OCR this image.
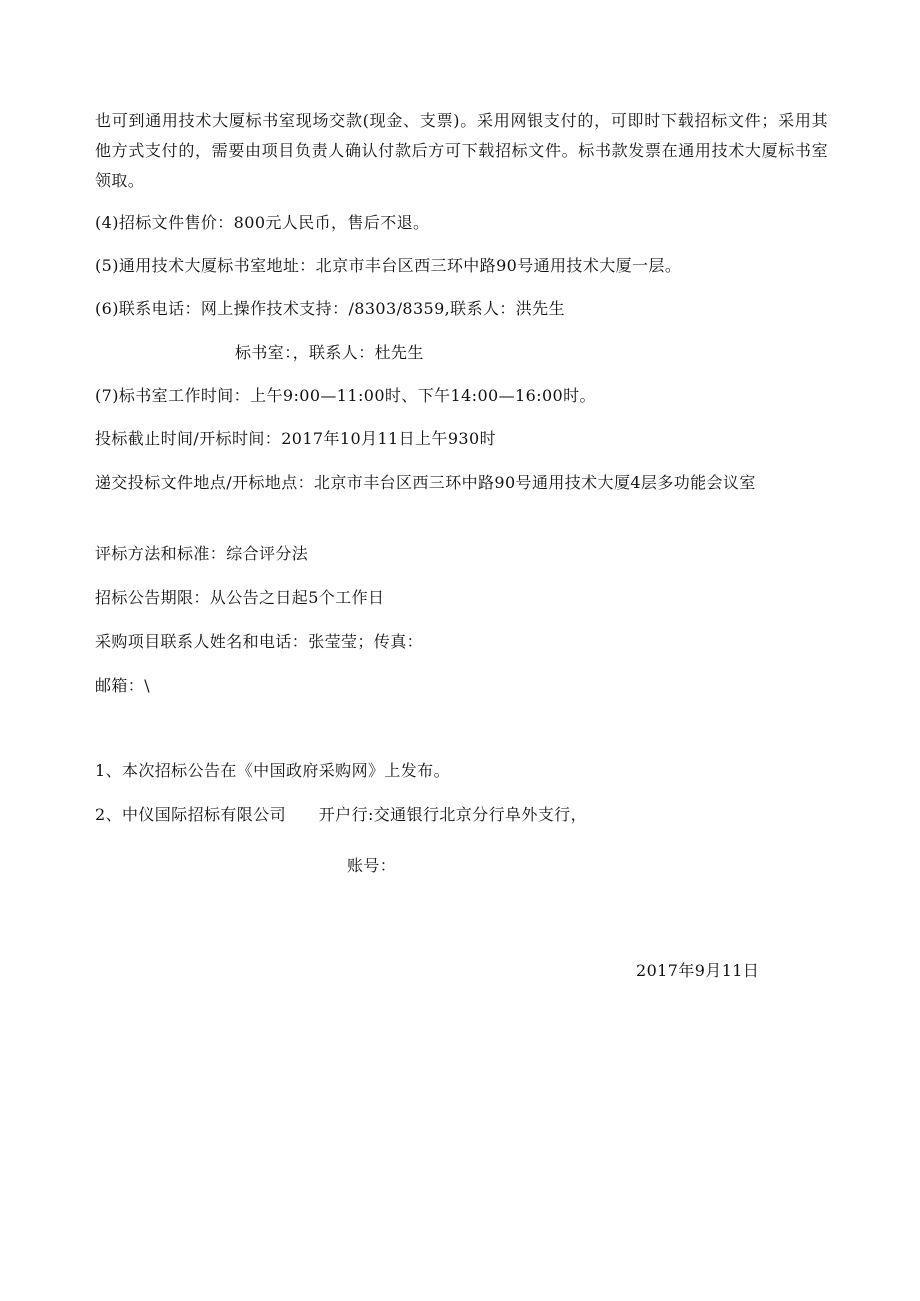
也可到通用技术大厦标书室现场交款(现金、支票)。采用网银支付的，可即时下载招标文件；采用其他方式支付的，需要由项目负责人确认付款后方可下载招标文件。标书款发票在通用技术大厦标书室领取。
(4)招标文件售价：800元人民币，售后不退。
(5)通用技术大厦标书室地址：北京市丰台区西三环中路90号通用技术大厦一层。
(6)联系电话：网上操作技术支持：/8303/8359,联系人：洪先生
标书室：，联系人：杜先生
(7)标书室工作时间：上午9:00—11:00时、下午14:00—16:00时。
投标截止时间/开标时间：2017年10月11日上午930时
递交投标文件地点/开标地点：北京市丰台区西三环中路90号通用技术大厦4层多功能会议室
评标方法和标准：综合评分法
招标公告期限：从公告之日起5个工作日
采购项目联系人姓名和电话：张莹莹；传真：
邮箱：\
1、本次招标公告在《中国政府采购网》上发布。
2、中仪国际招标有限公司　　开户行:交通银行北京分行阜外支行，
账号：
2017年9月11日
